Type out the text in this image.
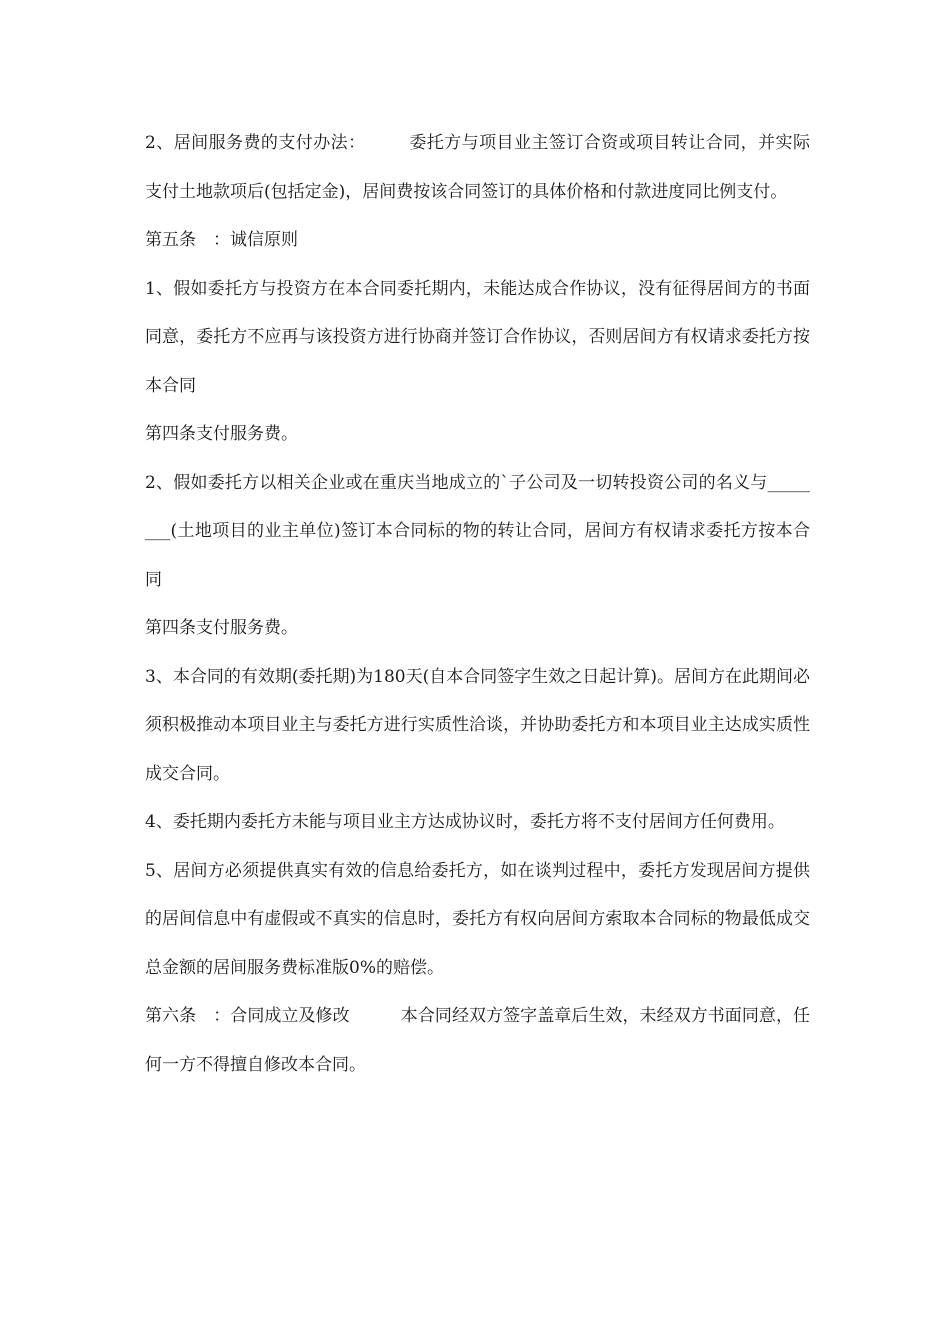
2、居间服务费的支付办法：　　　委托方与项目业主签订合资或项目转让合同，并实际支付土地款项后(包括定金)，居间费按该合同签订的具体价格和付款进度同比例支付。

第五条　：诚信原则

1、假如委托方与投资方在本合同委托期内，未能达成合作协议，没有征得居间方的书面同意，委托方不应再与该投资方进行协商并签订合作协议，否则居间方有权请求委托方按本合同

第四条支付服务费。

2、假如委托方以相关企业或在重庆当地成立的`子公司及一切转投资公司的名义与________(土地项目的业主单位)签订本合同标的物的转让合同，居间方有权请求委托方按本合同

第四条支付服务费。

3、本合同的有效期(委托期)为180天(自本合同签字生效之日起计算)。居间方在此期间必须积极推动本项目业主与委托方进行实质性洽谈，并协助委托方和本项目业主达成实质性成交合同。

4、委托期内委托方未能与项目业主方达成协议时，委托方将不支付居间方任何费用。

5、居间方必须提供真实有效的信息给委托方，如在谈判过程中，委托方发现居间方提供的居间信息中有虚假或不真实的信息时，委托方有权向居间方索取本合同标的物最低成交总金额的居间服务费标准版0%的赔偿。

第六条　：合同成立及修改　　　本合同经双方签字盖章后生效，未经双方书面同意，任何一方不得擅自修改本合同。
